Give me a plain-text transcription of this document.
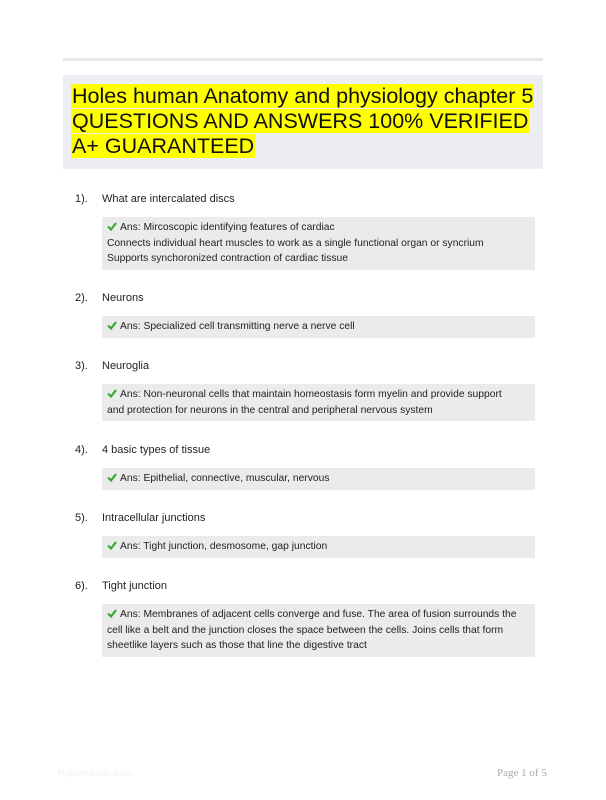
Holes human Anatomy and physiology chapter 5 QUESTIONS AND ANSWERS 100% VERIFIED A+ GUARANTEED
1). What are intercalated discs
Ans: Mircoscopic identifying features of cardiac
Connects individual heart muscles to work as a single functional organ or syncrium
Supports synchoronized contraction of cardiac tissue
2). Neurons
Ans: Specialized cell transmitting nerve a nerve cell
3). Neuroglia
Ans: Non-neuronal cells that maintain homeostasis form myelin and provide support
and protection for neurons in the central and peripheral nervous system
4). 4 basic types of tissue
Ans: Epithelial, connective, muscular, nervous
5). Intracellular junctions
Ans: Tight junction, desmosome, gap junction
6). Tight junction
Ans: Membranes of adjacent cells converge and fuse. The area of fusion surrounds the
cell like a belt and the junction closes the space between the cells. Joins cells that form
sheetlike layers such as those that line the digestive tract
Paperstudio.com	Page 1 of 5
